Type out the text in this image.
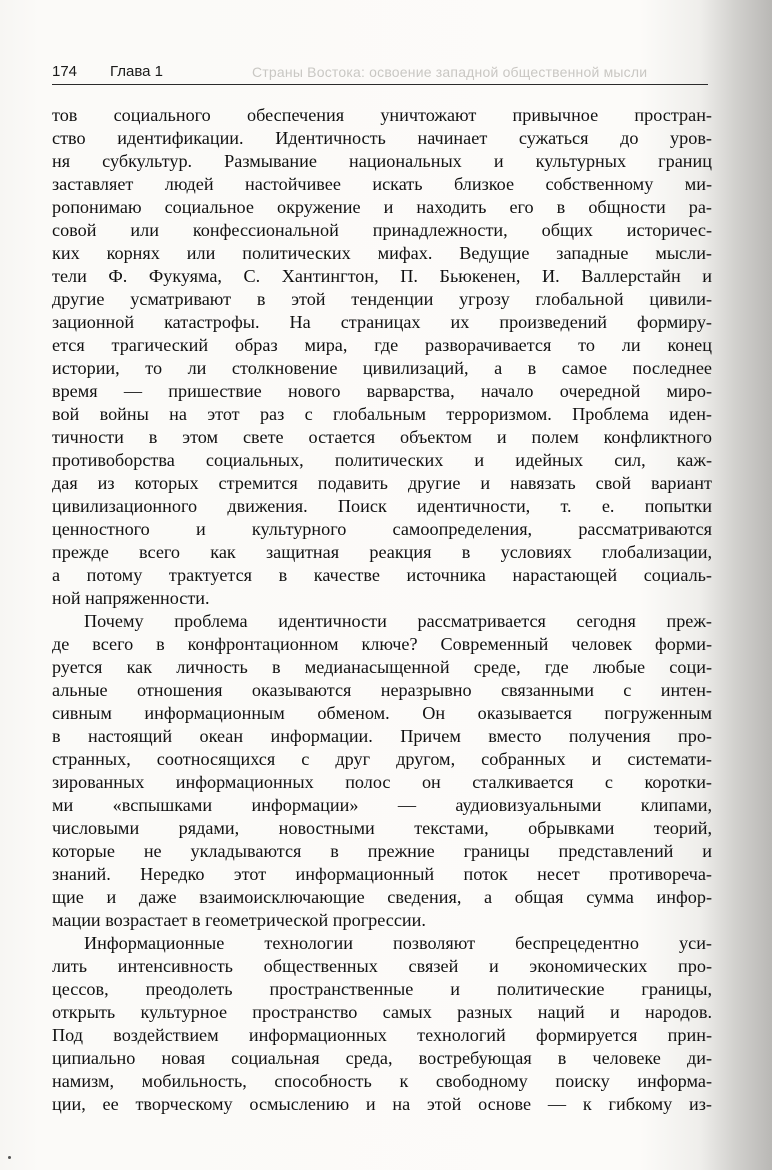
174 Глава 1	Страны Востока: освоение западной общественной мысли
тов социального обеспечения уничтожают привычное простран-
ство идентификации. Идентичность начинает сужаться до уров-
ня субкультур. Размывание национальных и культурных границ
заставляет людей настойчивее искать близкое собственному ми-
ропонимаю социальное окружение и находить его в общности ра-
совой или конфессиональной принадлежности, общих историчес-
ких корнях или политических мифах. Ведущие западные мысли-
тели Ф. Фукуяма, С. Хантингтон, П. Бьюкенен, И. Валлерстайн и
другие усматривают в этой тенденции угрозу глобальной цивили-
зационной катастрофы. На страницах их произведений формиру-
ется трагический образ мира, где разворачивается то ли конец
истории, то ли столкновение цивилизаций, а в самое последнее
время — пришествие нового варварства, начало очередной миро-
вой войны на этот раз с глобальным терроризмом. Проблема иден-
тичности в этом свете остается объектом и полем конфликтного
противоборства социальных, политических и идейных сил, каж-
дая из которых стремится подавить другие и навязать свой вариант
цивилизационного движения. Поиск идентичности, т. е. попытки
ценностного и культурного самоопределения, рассматриваются
прежде всего как защитная реакция в условиях глобализации,
а потому трактуется в качестве источника нарастающей социаль-
ной напряженности.
Почему проблема идентичности рассматривается сегодня преж-
де всего в конфронтационном ключе? Современный человек форми-
руется как личность в медианасыщенной среде, где любые соци-
альные отношения оказываются неразрывно связанными с интен-
сивным информационным обменом. Он оказывается погруженным
в настоящий океан информации. Причем вместо получения про-
странных, соотносящихся с друг другом, собранных и системати-
зированных информационных полос он сталкивается с коротки-
ми «вспышками информации» — аудиовизуальными клипами,
числовыми рядами, новостными текстами, обрывками теорий,
которые не укладываются в прежние границы представлений и
знаний. Нередко этот информационный поток несет противореча-
щие и даже взаимоисключающие сведения, а общая сумма инфор-
мации возрастает в геометрической прогрессии.
Информационные технологии позволяют беспрецедентно уси-
лить интенсивность общественных связей и экономических про-
цессов, преодолеть пространственные и политические границы,
открыть культурное пространство самых разных наций и народов.
Под воздействием информационных технологий формируется прин-
ципиально новая социальная среда, востребующая в человеке ди-
намизм, мобильность, способность к свободному поиску информа-
ции, ее творческому осмыслению и на этой основе — к гибкому из-
